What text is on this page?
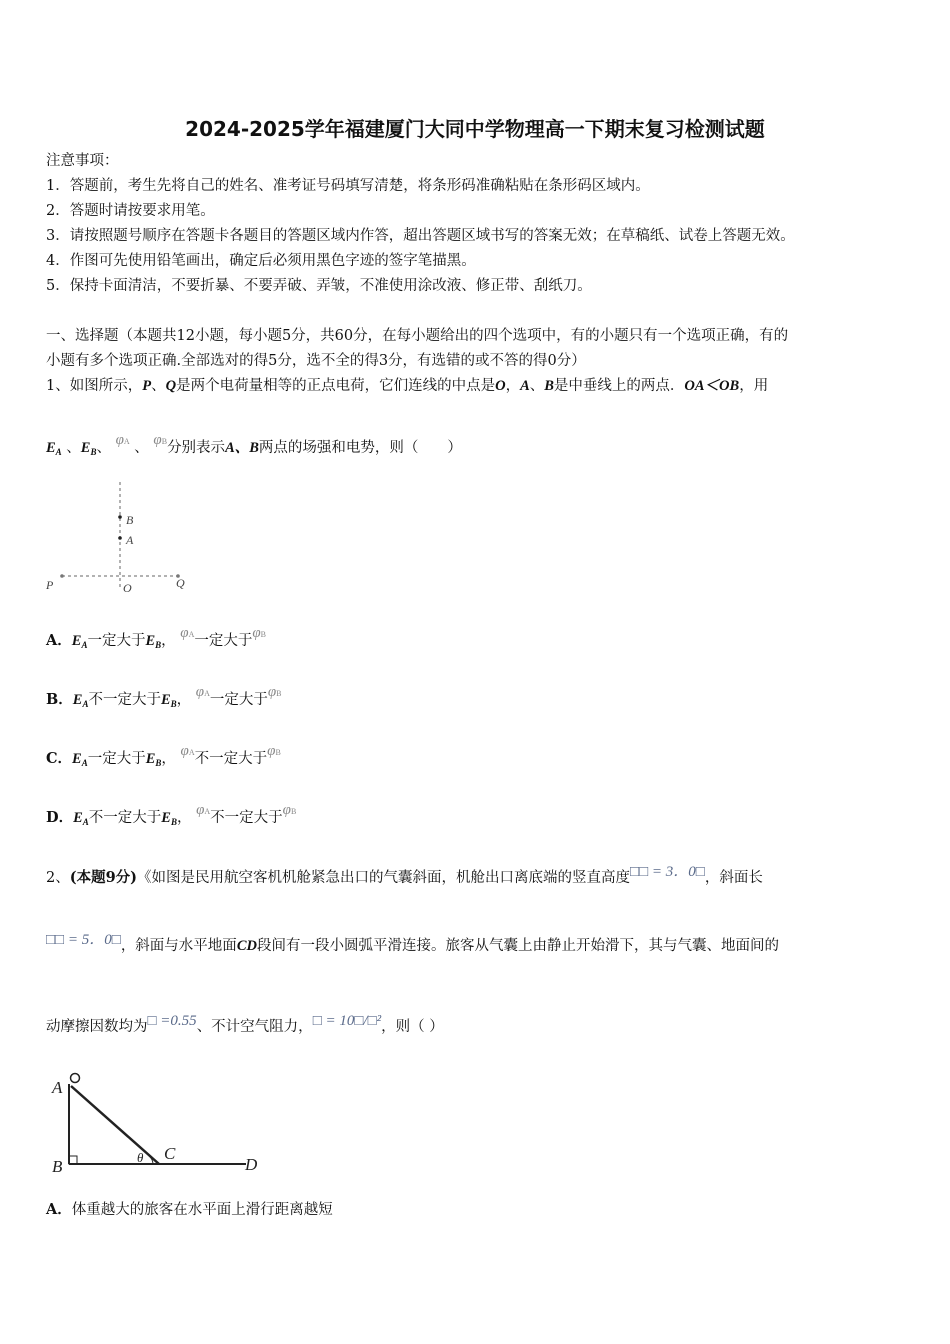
2024-2025学年福建厦门大同中学物理高一下期末复习检测试题
注意事项：
1．答题前，考生先将自己的姓名、准考证号码填写清楚，将条形码准确粘贴在条形码区域内。
2．答题时请按要求用笔。
3．请按照题号顺序在答题卡各题目的答题区域内作答，超出答题区域书写的答案无效；在草稿纸、试卷上答题无效。
4．作图可先使用铅笔画出，确定后必须用黑色字迹的签字笔描黑。
5．保持卡面清洁，不要折暴、不要弄破、弄皱，不准使用涂改液、修正带、刮纸刀。
一、选择题（本题共12小题，每小题5分，共60分，在每小题给出的四个选项中，有的小题只有一个选项正确，有的
小题有多个选项正确.全部选对的得5分，选不全的得3分，有选错的或不答的得0分）
1、如图所示，P、Q是两个电荷量相等的正点电荷，它们连线的中点是O，A、B是中垂线上的两点．OA＜OB，用
$E_A$ 、$E_B$、 φA 、 φB分别表示A、B两点的场强和电势，则（　　）
B
A
P	O	Q
A．$E_A$一定大于$E_B$， φA一定大于φB
B．$E_A$不一定大于$E_B$， φA一定大于φB
C．$E_A$一定大于$E_B$， φA不一定大于φB
D．$E_A$不一定大于$E_B$， φA不一定大于φB
2、(本题9分)《如图是民用航空客机机舱紧急出口的气囊斜面，机舱出口离底端的竖直高度□□ = 3．0□，斜面长
□□ = 5．0□，斜面与水平地面CD段间有一段小圆弧平滑连接。旅客从气囊上由静止开始滑下，其与气囊、地面间的
动摩擦因数均为□ =0.55、不计空气阻力，□ = 10□/□²，则（ ）
A
B	θ C
D
A．体重越大的旅客在水平面上滑行距离越短
